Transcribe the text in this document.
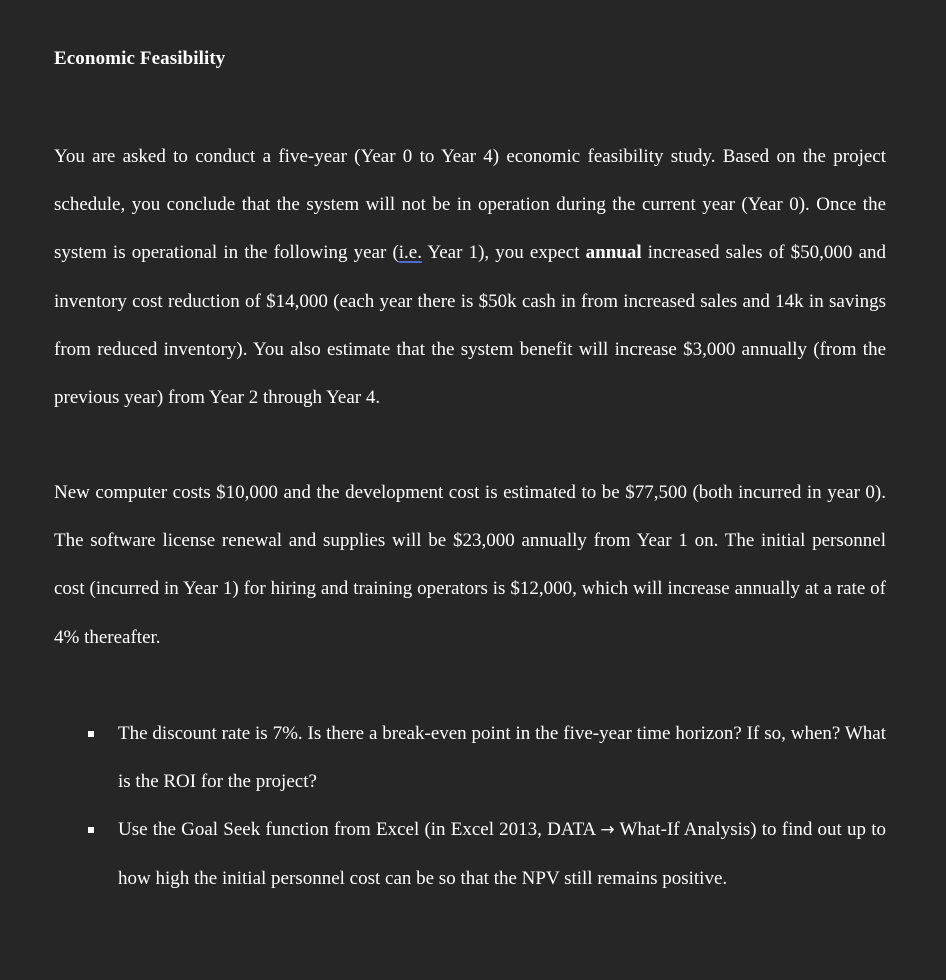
Economic Feasibility

You are asked to conduct a five-year (Year 0 to Year 4) economic feasibility study. Based on the project schedule, you conclude that the system will not be in operation during the current year (Year 0). Once the system is operational in the following year (i.e. Year 1), you expect annual increased sales of $50,000 and inventory cost reduction of $14,000 (each year there is $50k cash in from increased sales and 14k in savings from reduced inventory). You also estimate that the system benefit will increase $3,000 annually (from the previous year) from Year 2 through Year 4.

New computer costs $10,000 and the development cost is estimated to be $77,500 (both incurred in year 0). The software license renewal and supplies will be $23,000 annually from Year 1 on. The initial personnel cost (incurred in Year 1) for hiring and training operators is $12,000, which will increase annually at a rate of 4% thereafter.

The discount rate is 7%. Is there a break-even point in the five-year time horizon? If so, when? What is the ROI for the project?
Use the Goal Seek function from Excel (in Excel 2013, DATA → What-If Analysis) to find out up to how high the initial personnel cost can be so that the NPV still remains positive.
